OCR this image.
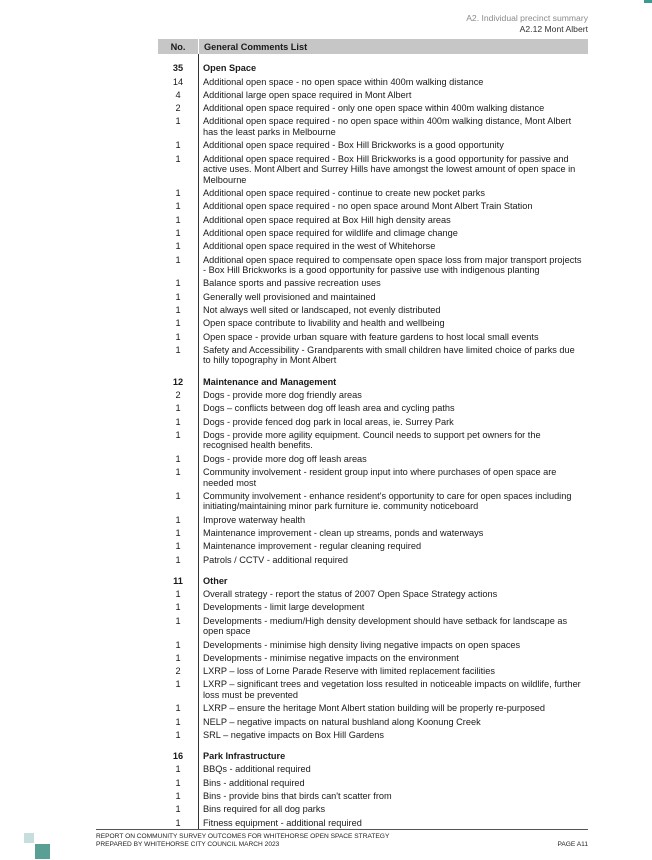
A2. Individual precinct summary
A2.12 Mont Albert
No.	General Comments List
35	Open Space
14	Additional open space - no open space within 400m walking distance
4	Additional large open space required in Mont Albert
2	Additional open space required - only one open space within 400m walking distance
1	Additional open space required - no open space within 400m walking distance, Mont Albert has the least parks in Melbourne
1	Additional open space required - Box Hill Brickworks is a good opportunity
1	Additional open space required - Box Hill Brickworks is a good opportunity for passive and active uses. Mont Albert and Surrey Hills have amongst the lowest amount of open space in Melbourne
1	Additional open space required - continue to create new pocket parks
1	Additional open space required - no open space around Mont Albert Train Station
1	Additional open space required at Box Hill high density areas
1	Additional open space required for wildlife and climage change
1	Additional open space required in the west of Whitehorse
1	Additional open space required to compensate open space loss from major transport projects - Box Hill Brickworks is a good opportunity for passive use with indigenous planting
1	Balance sports and passive recreation uses
1	Generally well provisioned and maintained
1	Not always well sited or landscaped, not evenly distributed
1	Open space contribute to livability and health and wellbeing
1	Open space - provide urban square with feature gardens to host local small events
1	Safety and Accessibility - Grandparents with small children have limited choice of parks due to hilly topography in Mont Albert
12	Maintenance and Management
2	Dogs - provide more dog friendly areas
1	Dogs – conflicts between dog off leash area and cycling paths
1	Dogs - provide fenced dog park in local areas, ie. Surrey Park
1	Dogs - provide more agility equipment. Council needs to support pet owners for the recognised health benefits.
1	Dogs - provide more dog off leash areas
1	Community involvement - resident group input into where purchases of open space are needed most
1	Community involvement - enhance resident's opportunity to care for open spaces including initiating/maintaining minor park furniture ie. community noticeboard
1	Improve waterway health
1	Maintenance improvement - clean up streams, ponds and waterways
1	Maintenance improvement - regular cleaning required
1	Patrols / CCTV - additional required
11	Other
1	Overall strategy - report the status of 2007 Open Space Strategy actions
1	Developments - limit large development
1	Developments - medium/High density development should have setback for landscape as open space
1	Developments - minimise high density living negative impacts on open spaces
1	Developments - minimise negative impacts on the environment
2	LXRP – loss of Lorne Parade Reserve with limited replacement facilities
1	LXRP – significant trees and vegetation loss resulted in noticeable impacts on wildlife, further loss must be prevented
1	LXRP – ensure the heritage Mont Albert station building will be properly re-purposed
1	NELP – negative impacts on natural bushland along Koonung Creek
1	SRL – negative impacts on Box Hill Gardens
16	Park Infrastructure
1	BBQs - additional required
1	Bins - additional required
1	Bins - provide bins that birds can't scatter from
1	Bins required for all dog parks
1	Fitness equipment - additional required
REPORT ON COMMUNITY SURVEY OUTCOMES FOR WHITEHORSE OPEN SPACE STRATEGY
PREPARED BY WHITEHORSE CITY COUNCIL MARCH 2023	PAGE A11
